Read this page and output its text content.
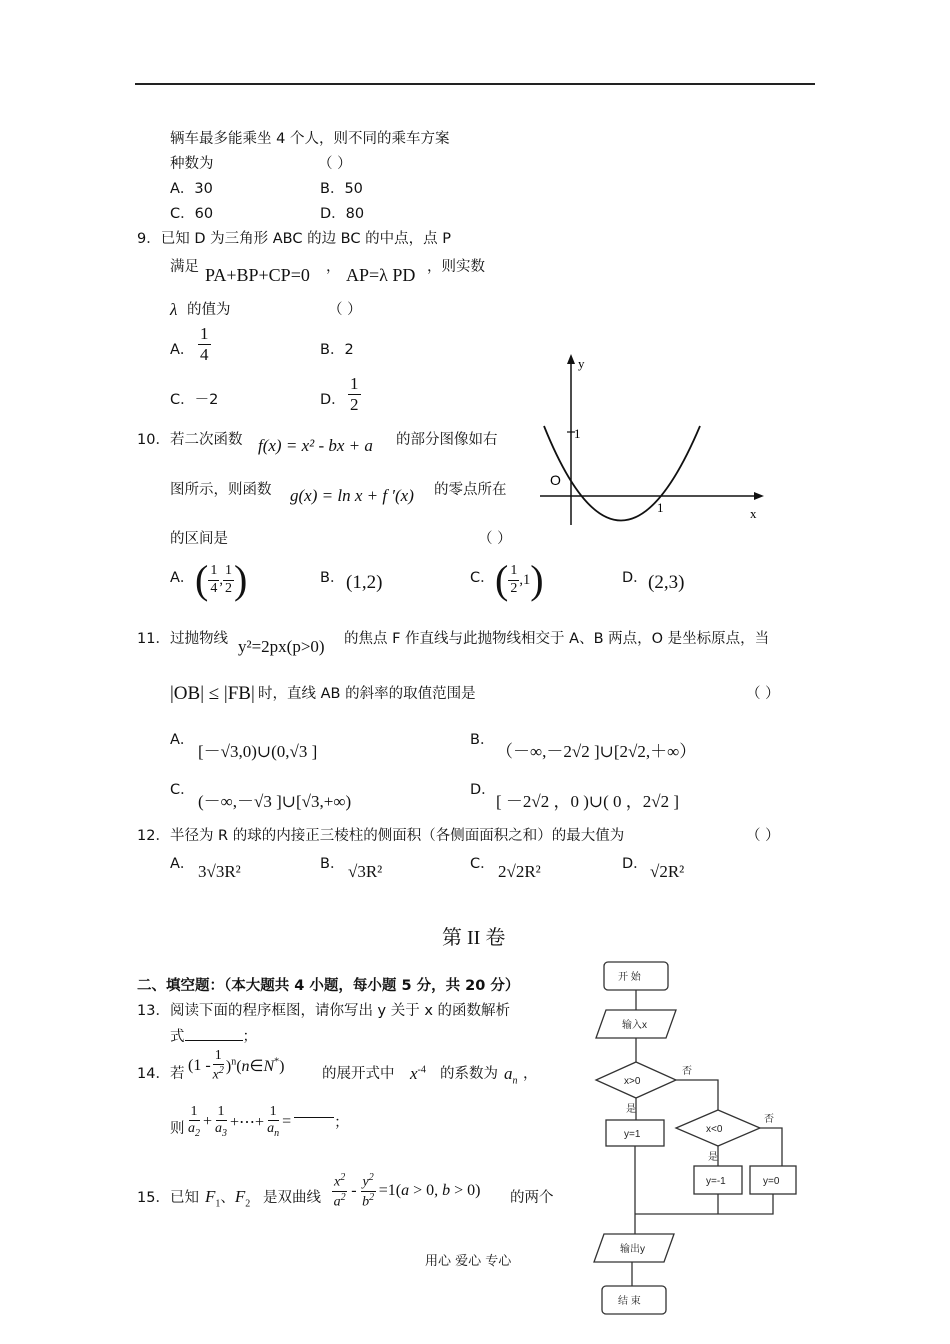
辆车最多能乘坐 4 个人，则不同的乘车方案
种数为	（ ）
A．30	B．50
C．60	D．80
9．已知 D 为三角形 ABC 的边 BC 的中点，点 P
满足 PA+BP+CP=0 ， AP=λ PD ，则实数
λ 的值为	（ ）
A． $\frac{1}{4}$	B．2
C．－2	D． $\frac{1}{2}$
10．若二次函数 f(x) = x² - bx + a 的部分图像如右
图所示，则函数 g(x) = ln x + f ′(x) 的零点所在
的区间是	（ ）
A． ( $\frac{1}{4}$ , $\frac{1}{2}$ )	B． (1,2)	C． ( $\frac{1}{2} ,1$ )	D． (2,3)
y
x
O
1
1
11．过抛物线 y²=2px(p>0) 的焦点 F 作直线与此抛物线相交于 A、B 两点，O 是坐标原点，当
|OB| ≤ |FB| 时，直线 AB 的斜率的取值范围是	（ ）
A．
[－√3,0)∪(0,√3 ]
B．
（－∞,－2√2 ]∪[2√2,＋∞）
C．
(－∞,－√3 ]∪[√3,+∞)
D．
[ －2√2 ，0 )∪( 0 ，2√2 ]
12．半径为 R 的球的内接正三棱柱的侧面积（各侧面面积之和）的最大值为	（ ）
A． 3√3R²	B． √3R²	C． 2√2R²	D． √2R²
第 II 卷
二、填空题：（本大题共 4 小题，每小题 5 分，共 20 分）
13．阅读下面的程序框图，请你写出 y 关于 x 的函数解析
式	；
14．若
($1 - \frac{1}{x^2}$ )$^n$(n∈N*)	的展开式中 $x^{-4}$ 的系数为 $a_n$ ，
则 $\frac{1}{a_2} + \frac{1}{a_3}$ +⋯+ $\frac{1}{a_n}$ =	；
15．已知 $F_1$、$F_2$ 是双曲线 $\frac{x^2}{a^2} - \frac{y^2}{b^2} =1(a > 0$, b > 0) 的两个
开 始
输入x
x>0
是
否
x<0
是
否
y=1
y=-1	y=0
输出y
结 束
用心 爱心 专心
